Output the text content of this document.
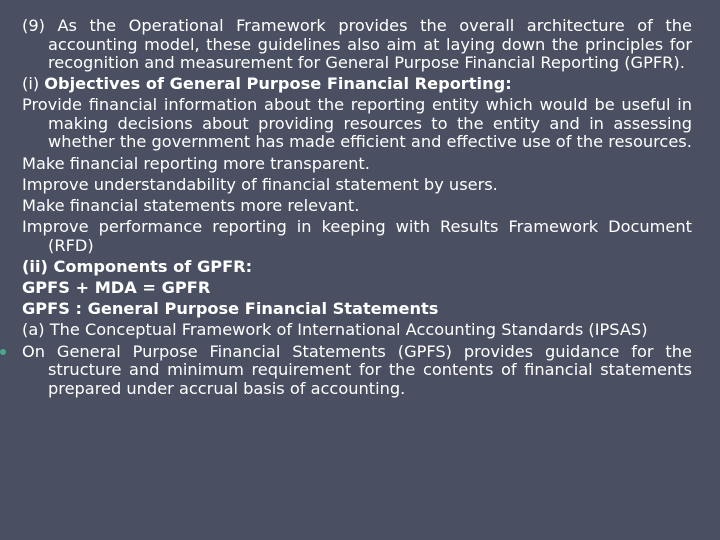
(9) As the Operational Framework provides the overall architecture of the accounting model, these guidelines also aim at laying down the principles for recognition and measurement for General Purpose Financial Reporting (GPFR).

(i) Objectives of General Purpose Financial Reporting:

Provide financial information about the reporting entity which would be useful in making decisions about providing resources to the entity and in assessing whether the government has made efficient and effective use of the resources.

Make financial reporting more transparent.

Improve understandability of financial statement by users.

Make financial statements more relevant.

Improve performance reporting in keeping with Results Framework Document (RFD)

(ii) Components of GPFR:

GPFS + MDA = GPFR

GPFS : General Purpose Financial Statements

(a) The Conceptual Framework of International Accounting Standards (IPSAS)

On General Purpose Financial Statements (GPFS) provides guidance for the structure and minimum requirement for the contents of financial statements prepared under accrual basis of accounting.
